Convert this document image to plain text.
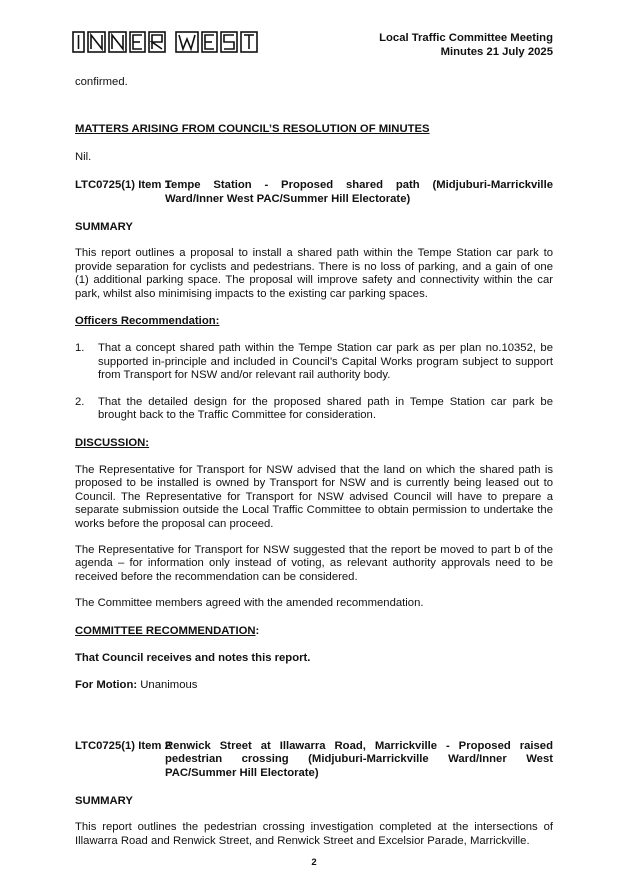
Local Traffic Committee Meeting
Minutes 21 July 2025

confirmed.

MATTERS ARISING FROM COUNCIL’S RESOLUTION OF MINUTES

Nil.

LTC0725(1) Item 1
Tempe Station - Proposed shared path (Midjuburi-Marrickville Ward/Inner West PAC/Summer Hill Electorate)

SUMMARY

This report outlines a proposal to install a shared path within the Tempe Station car park to provide separation for cyclists and pedestrians. There is no loss of parking, and a gain of one (1) additional parking space. The proposal will improve safety and connectivity within the car park, whilst also minimising impacts to the existing car parking spaces.

Officers Recommendation:

1.	That a concept shared path within the Tempe Station car park as per plan no.10352, be supported in-principle and included in Council’s Capital Works program subject to support from Transport for NSW and/or relevant rail authority body.
2.	That the detailed design for the proposed shared path in Tempe Station car park be brought back to the Traffic Committee for consideration.

DISCUSSION:

The Representative for Transport for NSW advised that the land on which the shared path is proposed to be installed is owned by Transport for NSW and is currently being leased out to Council. The Representative for Transport for NSW advised Council will have to prepare a separate submission outside the Local Traffic Committee to obtain permission to undertake the works before the proposal can proceed.

The Representative for Transport for NSW suggested that the report be moved to part b of the agenda – for information only instead of voting, as relevant authority approvals need to be received before the recommendation can be considered.

The Committee members agreed with the amended recommendation.

COMMITTEE RECOMMENDATION:

That Council receives and notes this report.

For Motion: Unanimous

LTC0725(1) Item 2
Renwick Street at Illawarra Road, Marrickville - Proposed raised pedestrian crossing (Midjuburi-Marrickville Ward/Inner West PAC/Summer Hill Electorate)

SUMMARY

This report outlines the pedestrian crossing investigation completed at the intersections of Illawarra Road and Renwick Street, and Renwick Street and Excelsior Parade, Marrickville.

2
